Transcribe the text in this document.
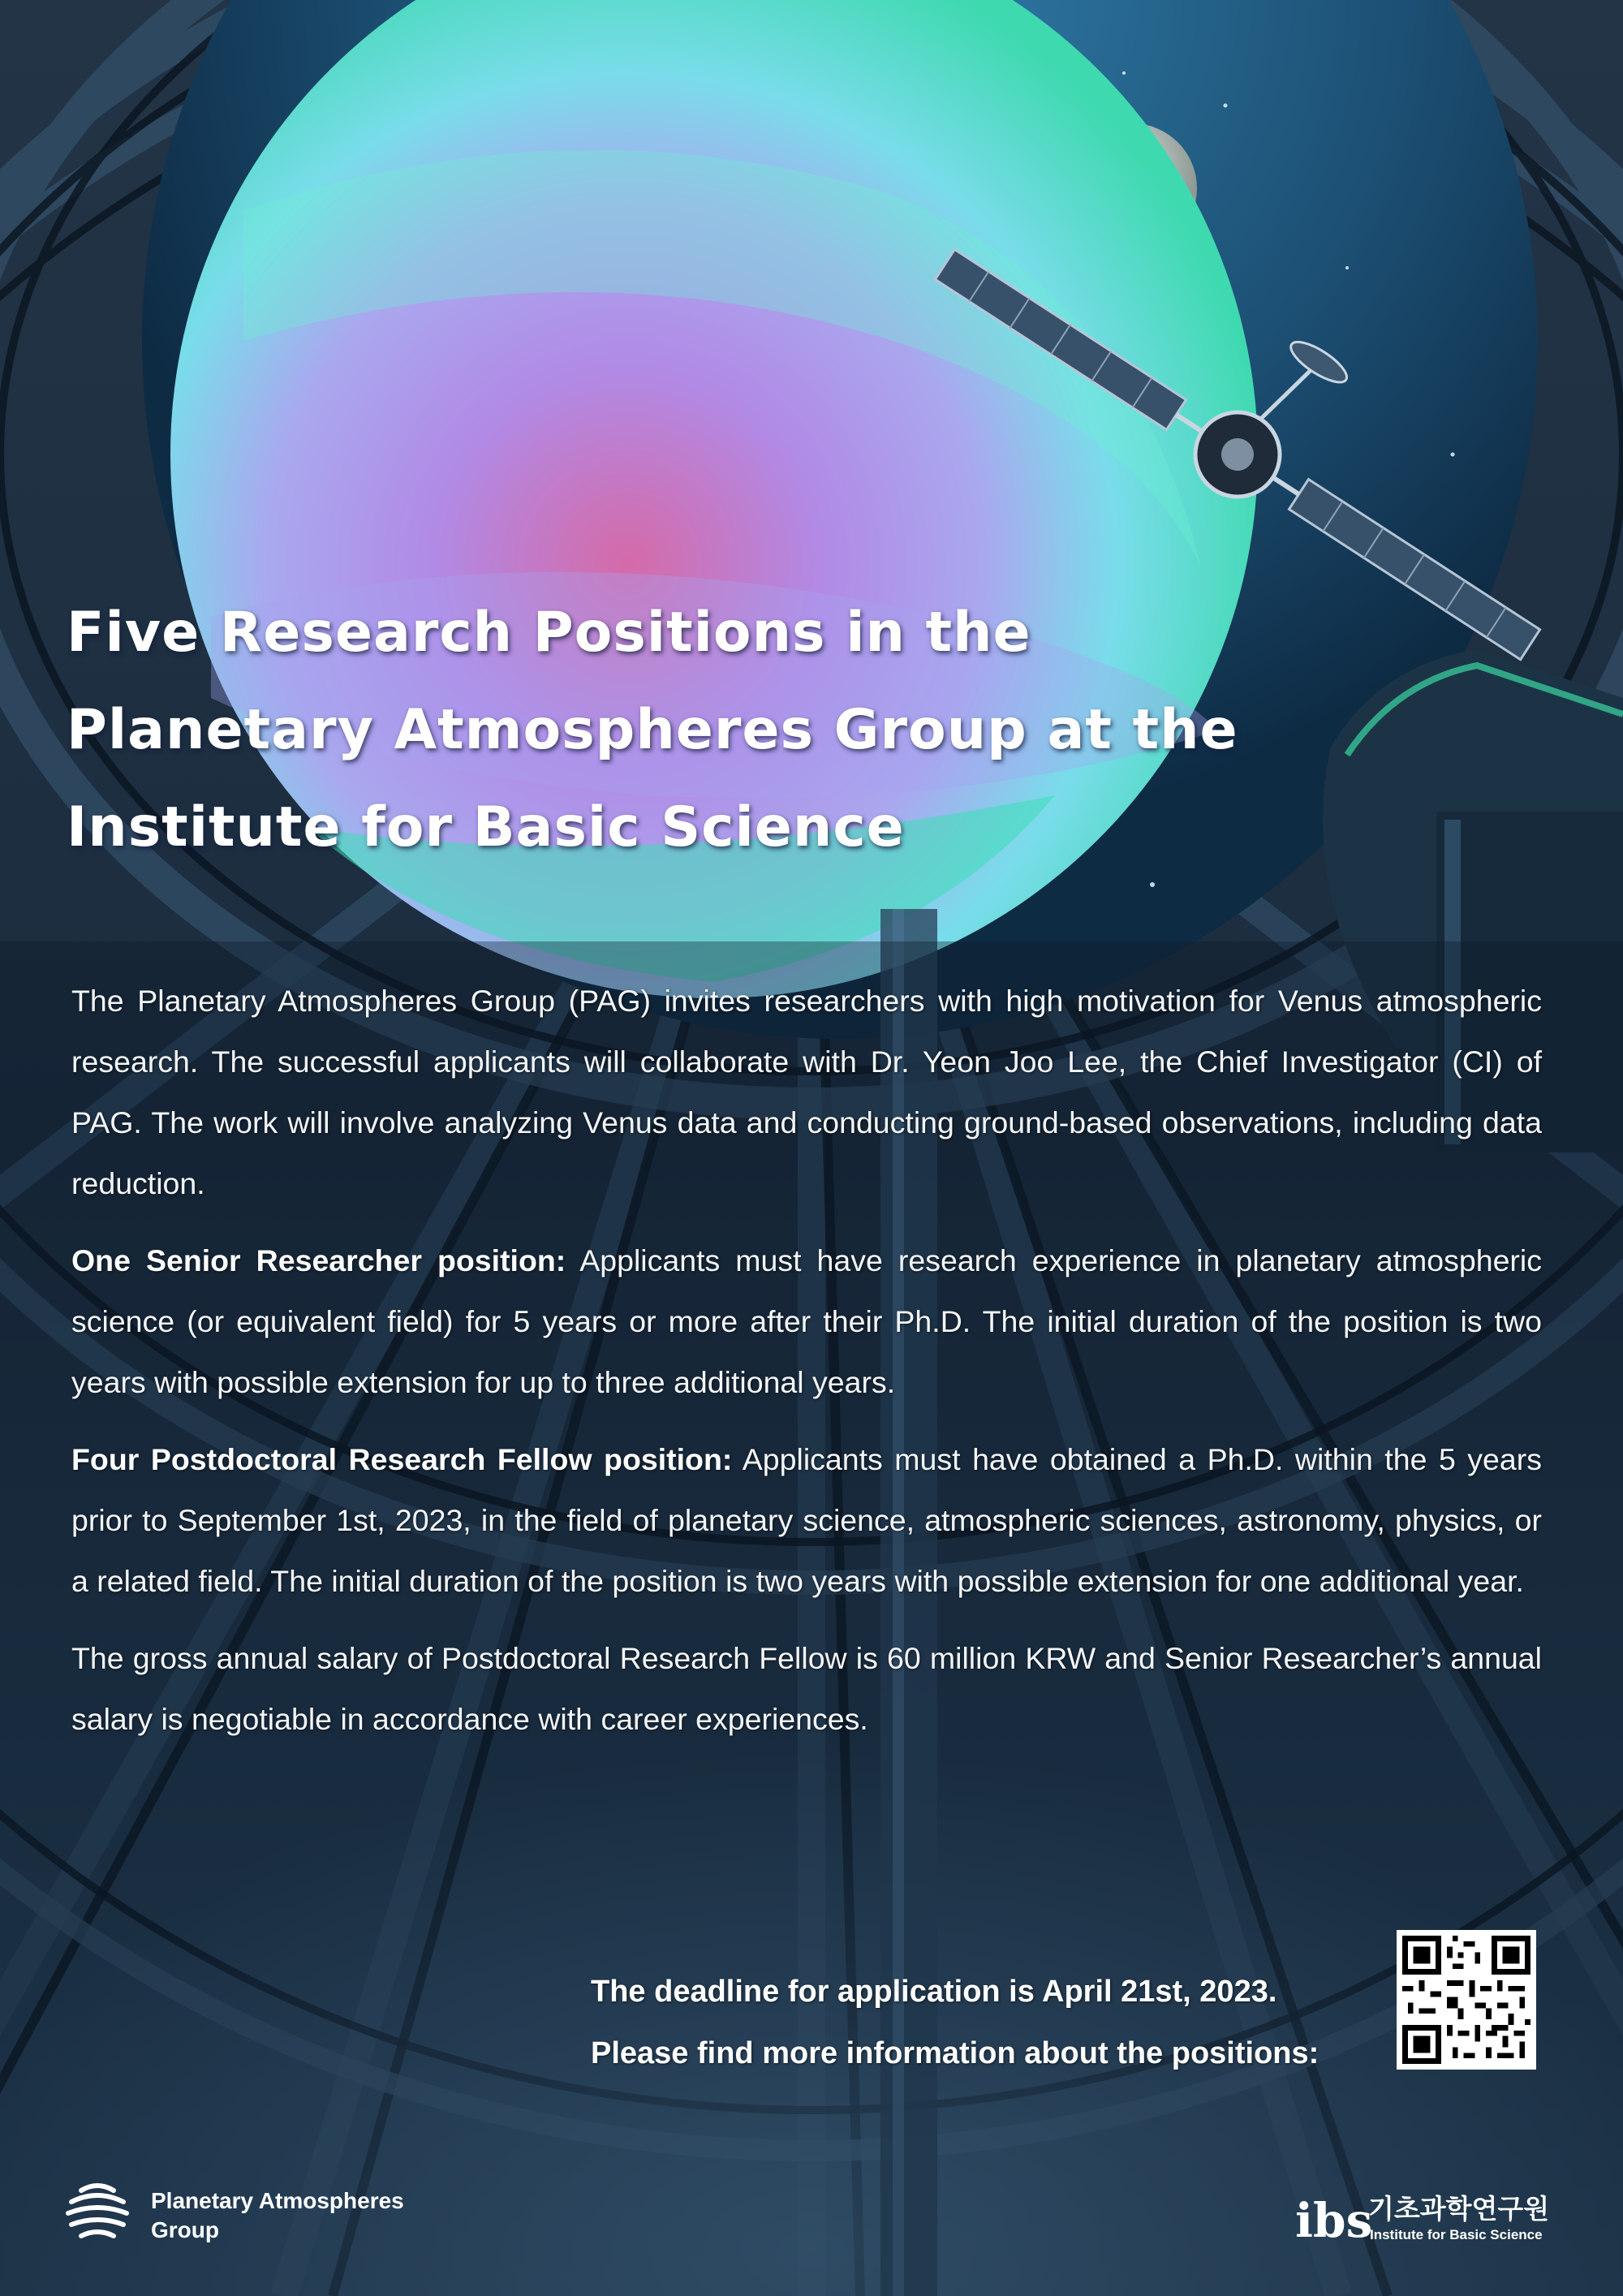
Five Research Positions in the Planetary Atmospheres Group at the Institute for Basic Science

The Planetary Atmospheres Group (PAG) invites researchers with high motivation for Venus atmospheric research. The successful applicants will collaborate with Dr. Yeon Joo Lee, the Chief Investigator (CI) of PAG. The work will involve analyzing Venus data and conducting ground-based observations, including data reduction.

One Senior Researcher position: Applicants must have research experience in planetary atmospheric science (or equivalent field) for 5 years or more after their Ph.D. The initial duration of the position is two years with possible extension for up to three additional years.

Four Postdoctoral Research Fellow position: Applicants must have obtained a Ph.D. within the 5 years prior to September 1st, 2023, in the field of planetary science, atmospheric sciences, astronomy, physics, or a related field. The initial duration of the position is two years with possible extension for one additional year.

The gross annual salary of Postdoctoral Research Fellow is 60 million KRW and Senior Researcher’s annual salary is negotiable in accordance with career experiences.

The deadline for application is April 21st, 2023.
Please find more information about the positions:
Planetary Atmospheres Group	ibs
기초과학연구원
Institute for Basic Science
